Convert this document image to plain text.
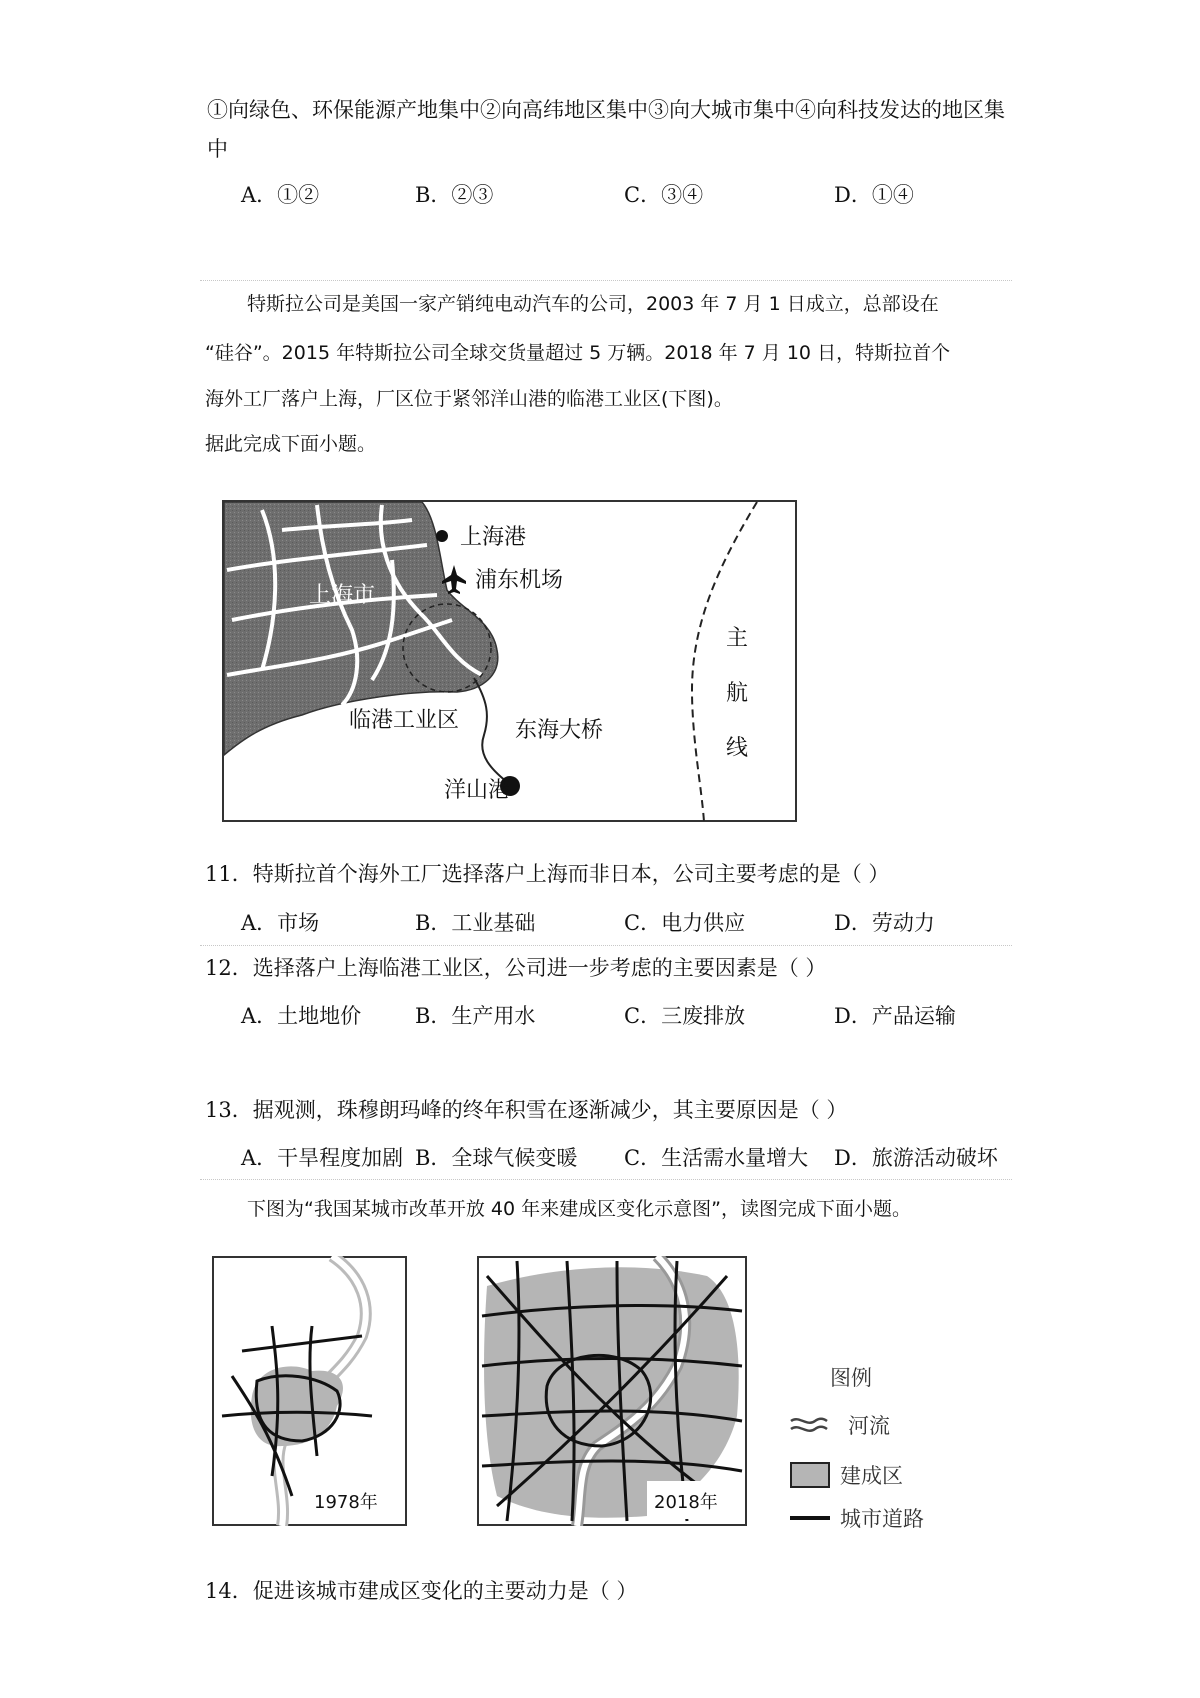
①向绿色、环保能源产地集中②向高纬地区集中③向大城市集中④向科技发达的地区集
中
A．①②	B．②③	C．③④	D．①④
特斯拉公司是美国一家产销纯电动汽车的公司，2003 年 7 月 1 日成立，总部设在
“硅谷”。2015 年特斯拉公司全球交货量超过 5 万辆。2018 年 7 月 10 日，特斯拉首个
海外工厂落户上海，厂区位于紧邻洋山港的临港工业区(下图)。
据此完成下面小题。
上海市
上海港
浦东机场
临港工业区	东海大桥
洋山港
主
航
线
11．特斯拉首个海外工厂选择落户上海而非日本，公司主要考虑的是（ ）
A．市场	B．工业基础	C．电力供应	D．劳动力
12．选择落户上海临港工业区，公司进一步考虑的主要因素是（ ）
A．土地地价	B．生产用水	C．三废排放	D．产品运输
13．据观测，珠穆朗玛峰的终年积雪在逐渐减少，其主要原因是（ ）
A．干旱程度加剧 B．全球气候变暖 C．生活需水量增大 D．旅游活动破坏
下图为“我国某城市改革开放 40 年来建成区变化示意图”，读图完成下面小题。
1978年	2018年
图例
河流
建成区
城市道路
14．促进该城市建成区变化的主要动力是（ ）
